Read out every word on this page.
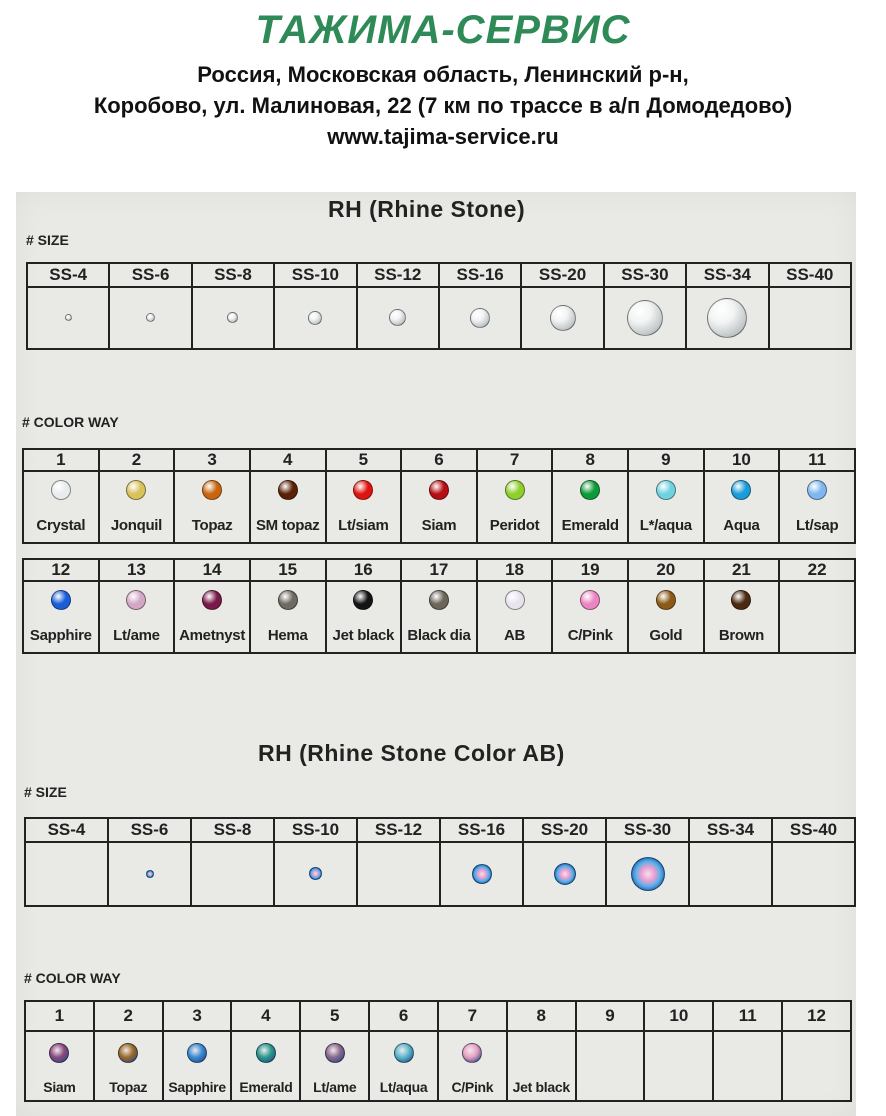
ТАЖИМА-СЕРВИС
Россия, Московская область, Ленинский р-н,
Коробово, ул. Малиновая, 22 (7 км по трассе в а/п Домодедово)
www.tajima-service.ru
RH (Rhine Stone)
# SIZE
SS-4	SS-6	SS-8	SS-10	SS-12	SS-16	SS-20	SS-30	SS-34	SS-40

# COLOR WAY
1	2	3	4	5	6	7	8	9	10	11

Crystal	Jonquil	Topaz	SM topaz	Lt/siam	Siam	Peridot	Emerald	L*/aqua	Aqua	Lt/sap
12	13	14	15	16	17	18	19	20	21	22

Sapphire	Lt/ame	Ametnyst	Hema	Jet black	Black dia	AB	C/Pink	Gold	Brown	
RH (Rhine Stone Color AB)
# SIZE
SS-4	SS-6	SS-8	SS-10	SS-12	SS-16	SS-20	SS-30	SS-34	SS-40

# COLOR WAY
1	2	3	4	5	6	7	8	9	10	11	12

Siam	Topaz	Sapphire	Emerald	Lt/ame	Lt/aqua	C/Pink	Jet black				
